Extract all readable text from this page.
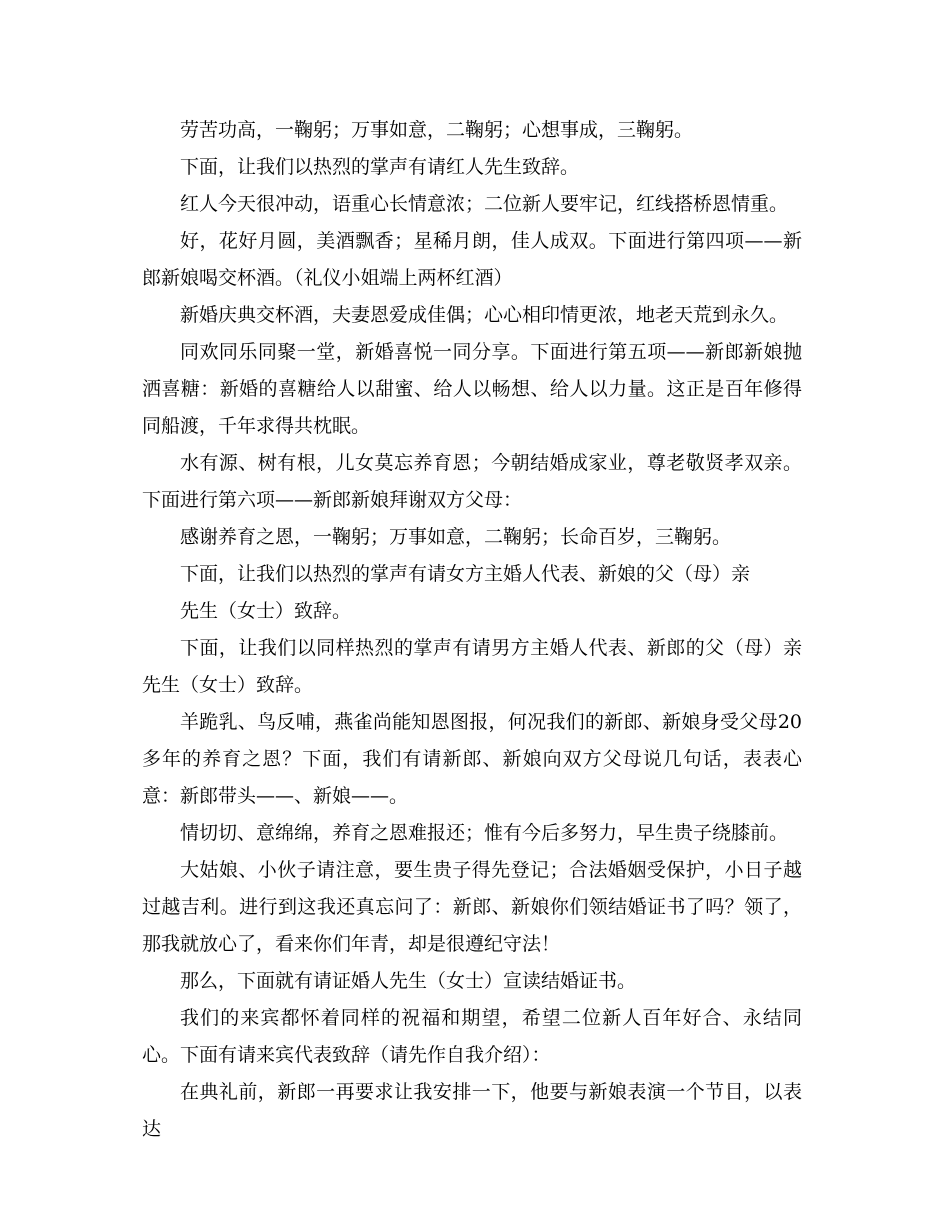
劳苦功高，一鞠躬；万事如意，二鞠躬；心想事成，三鞠躬。

下面，让我们以热烈的掌声有请红人先生致辞。

红人今天很冲动，语重心长情意浓；二位新人要牢记，红线搭桥恩情重。

好，花好月圆，美酒飘香；星稀月朗，佳人成双。下面进行第四项——新郎新娘喝交杯酒。（礼仪小姐端上两杯红酒）

新婚庆典交杯酒，夫妻恩爱成佳偶；心心相印情更浓，地老天荒到永久。

同欢同乐同聚一堂，新婚喜悦一同分享。下面进行第五项——新郎新娘抛洒喜糖：新婚的喜糖给人以甜蜜、给人以畅想、给人以力量。这正是百年修得同船渡，千年求得共枕眠。

水有源、树有根，儿女莫忘养育恩；今朝结婚成家业，尊老敬贤孝双亲。下面进行第六项——新郎新娘拜谢双方父母：

感谢养育之恩，一鞠躬；万事如意，二鞠躬；长命百岁，三鞠躬。

下面，让我们以热烈的掌声有请女方主婚人代表、新娘的父（母）亲

先生（女士）致辞。

下面，让我们以同样热烈的掌声有请男方主婚人代表、新郎的父（母）亲先生（女士）致辞。

羊跪乳、鸟反哺，燕雀尚能知恩图报，何况我们的新郎、新娘身受父母20多年的养育之恩？下面，我们有请新郎、新娘向双方父母说几句话，表表心意：新郎带头——、新娘——。

情切切、意绵绵，养育之恩难报还；惟有今后多努力，早生贵子绕膝前。

大姑娘、小伙子请注意，要生贵子得先登记；合法婚姻受保护，小日子越过越吉利。进行到这我还真忘问了：新郎、新娘你们领结婚证书了吗？领了，那我就放心了，看来你们年青，却是很遵纪守法！

那么，下面就有请证婚人先生（女士）宣读结婚证书。

我们的来宾都怀着同样的祝福和期望，希望二位新人百年好合、永结同心。下面有请来宾代表致辞（请先作自我介绍）：

在典礼前，新郎一再要求让我安排一下，他要与新娘表演一个节目，以表达
